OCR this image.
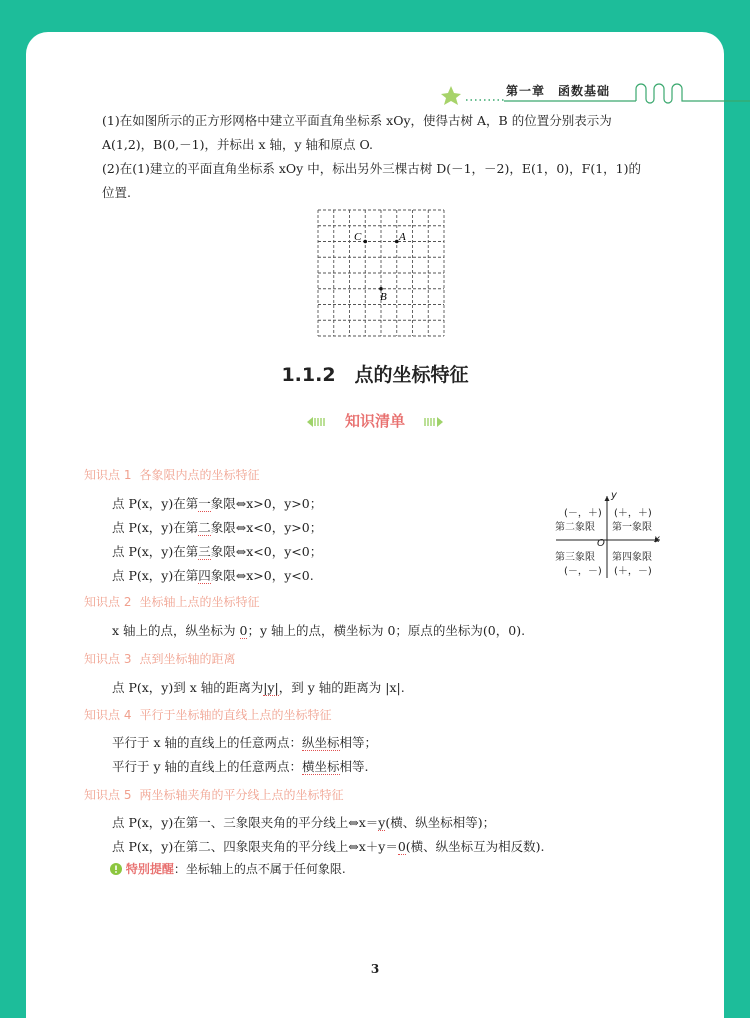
第一章　函数基础
(1)在如图所示的正方形网格中建立平面直角坐标系 xOy，使得古树 A，B 的位置分别表示为
A(1,2)，B(0,－1)，并标出 x 轴，y 轴和原点 O.
(2)在(1)建立的平面直角坐标系 xOy 中，标出另外三棵古树 D(－1，－2)，E(1，0)，F(1，1)的
位置.
C	A
B
1.1.2　点的坐标特征
知识清单
知识点 1 各象限内点的坐标特征
点 P(x，y)在第一象限⇔x>0，y>0；
点 P(x，y)在第二象限⇔x<0，y>0；
点 P(x，y)在第三象限⇔x<0，y<0；
点 P(x，y)在第四象限⇔x>0，y<0.
y
x
O
(－，＋)
第二象限
(＋，＋)
第一象限
第三象限
(－，－)
第四象限
(＋，－)
知识点 2 坐标轴上点的坐标特征
x 轴上的点，纵坐标为 0；y 轴上的点，横坐标为 0；原点的坐标为(0，0).
知识点 3 点到坐标轴的距离
点 P(x，y)到 x 轴的距离为|y|，到 y 轴的距离为 |x|.
知识点 4 平行于坐标轴的直线上点的坐标特征
平行于 x 轴的直线上的任意两点：纵坐标相等；
平行于 y 轴的直线上的任意两点：横坐标相等.
知识点 5 两坐标轴夹角的平分线上点的坐标特征
点 P(x，y)在第一、三象限夹角的平分线上⇔x＝y(横、纵坐标相等)；
点 P(x，y)在第二、四象限夹角的平分线上⇔x＋y＝0(横、纵坐标互为相反数).
特别提醒：坐标轴上的点不属于任何象限.
3
